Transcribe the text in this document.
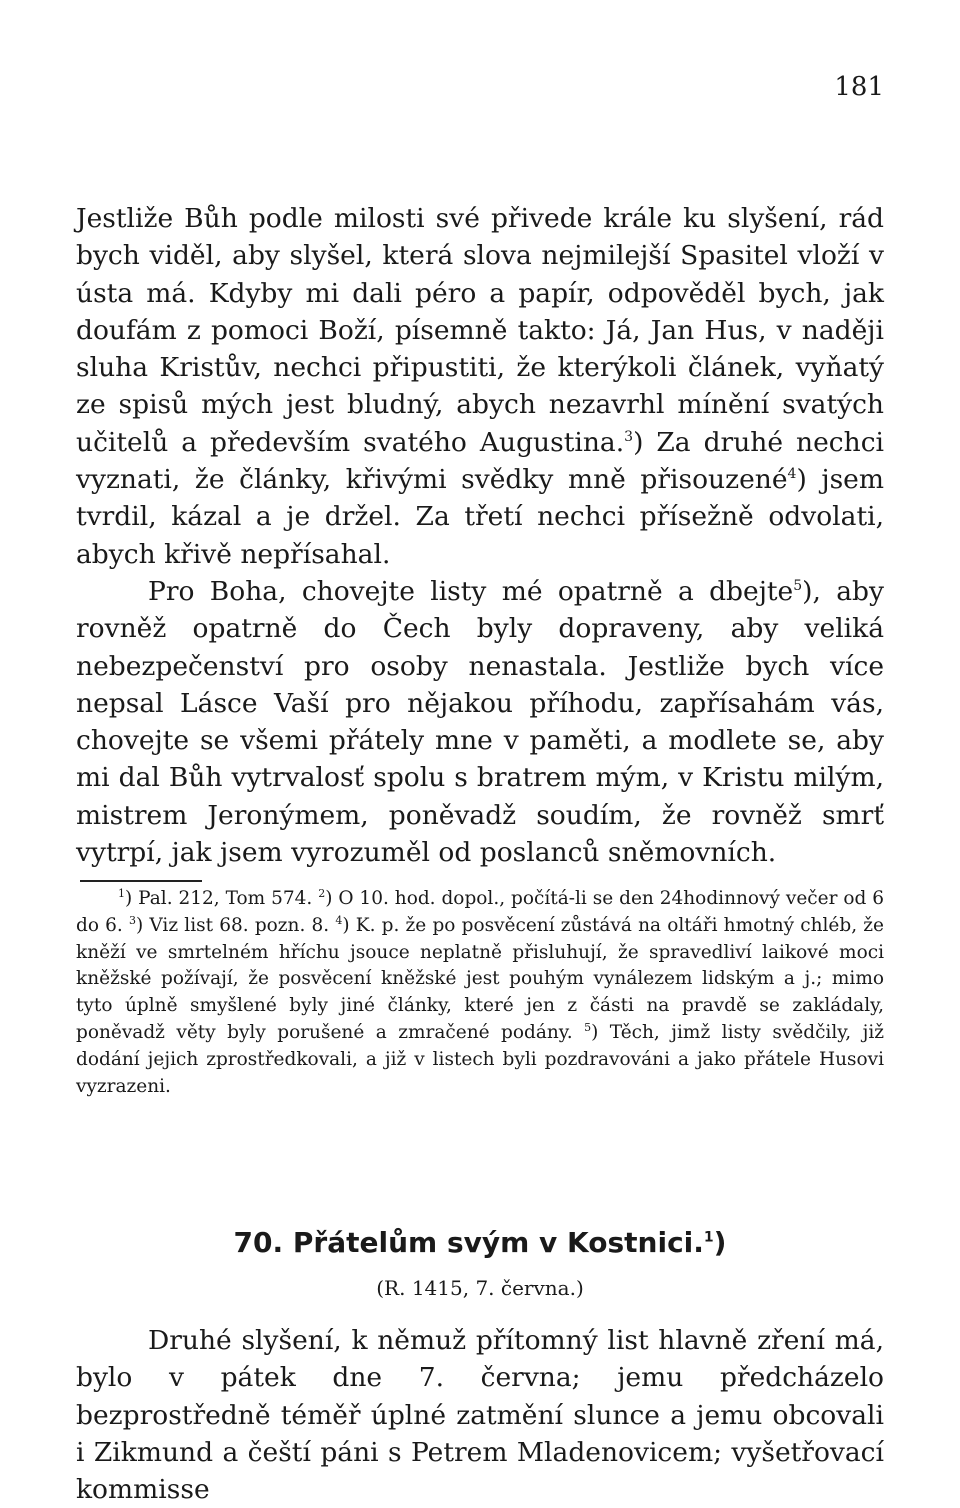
181

Jestliže Bůh podle milosti své přivede krále ku slyšení, rád bych viděl, aby slyšel, která slova nejmilejší Spasitel vloží v ústa má. Kdyby mi dali péro a papír, odpověděl bych, jak doufám z pomoci Boží, písemně takto: Já, Jan Hus, v naději sluha Kristův, nechci připustiti, že kterýkoli článek, vyňatý ze spisů mých jest bludný, abych nezavrhl mínění svatých učitelů a především svatého Augustina.$^3$) Za druhé nechci vyznati, že články, křivými svědky mně přisouzené$^4$) jsem tvrdil, kázal a je držel. Za třetí nechci přísežně odvolati, abych křivě nepřísahal.

Pro Boha, chovejte listy mé opatrně a dbejte$^5$), aby rovněž opatrně do Čech byly dopraveny, aby veliká nebezpečenství pro osoby nenastala. Jestliže bych více nepsal Lásce Vaší pro nějakou příhodu, zapřísahám vás, chovejte se všemi přátely mne v paměti, a modlete se, aby mi dal Bůh vytrvalosť spolu s bratrem mým, v Kristu milým, mistrem Jeronýmem, poněvadž soudím, že rovněž smrť vytrpí, jak jsem vyrozuměl od poslanců sněmovních.

$^1$) Pal. 212, Tom 574. $^2$) O 10. hod. dopol., počítá-li se den 24hodinnový večer od 6 do 6. $^3$) Viz list 68. pozn. 8. $^4$) K. p. že po posvěcení zůstává na oltáři hmotný chléb, že kněží ve smrtelném hříchu jsouce neplatně přisluhují, že spravedliví laikové moci kněžské požívají, že posvěcení kněžské jest pouhým vynálezem lidským a j.; mimo tyto úplně smyšlené byly jiné články, které jen z části na pravdě se zakládaly, poněvadž věty byly porušené a zmračené podány. $^5$) Těch, jimž listy svědčily, již dodání jejich zprostředkovali, a již v listech byli pozdravováni a jako přátele Husovi vyzrazeni.

70. Přátelům svým v Kostnici.$^1$)

(R. 1415, 7. června.)

Druhé slyšení, k němuž přítomný list hlavně zření má, bylo v pátek dne 7. června; jemu předcházelo bezprostředně téměř úplné zatmění slunce a jemu obcovali i Zikmund a čeští páni s Petrem Mladenovicem; vyšetřovací kommisse
